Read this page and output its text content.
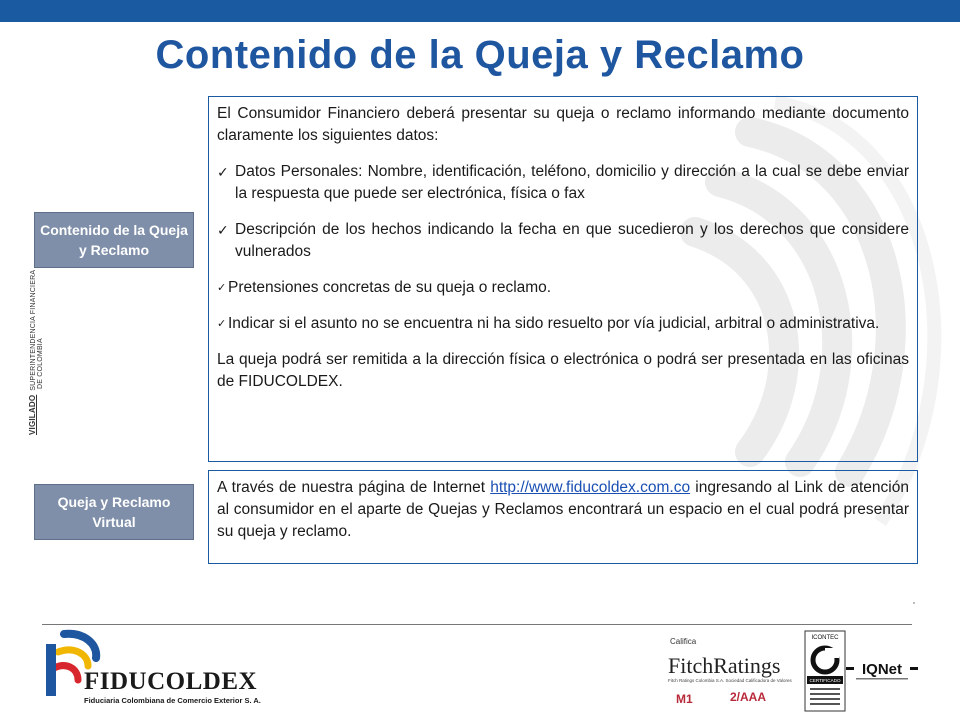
Contenido de la Queja y Reclamo
VIGILADOSUPERINTENDENCIA FINANCIERA DE COLOMBIA
Contenido de la Queja y Reclamo
Queja y Reclamo Virtual

El Consumidor Financiero deberá presentar su queja o reclamo informando mediante documento claramente los siguientes datos:

✓ Datos Personales: Nombre, identificación, teléfono, domicilio y dirección a la cual se debe enviar la respuesta que puede ser electrónica, física o fax
✓ Descripción de los hechos indicando la fecha en que sucedieron y los derechos que considere vulnerados
✓ Pretensiones concretas de su queja o reclamo.
✓ Indicar si el asunto no se encuentra ni ha sido resuelto por vía judicial, arbitral o administrativa.

La queja podrá ser remitida a la dirección física o electrónica o podrá ser presentada en las oficinas de FIDUCOLDEX.

A través de nuestra página de Internet http://www.fiducoldex.com.co ingresando al Link de atención al consumidor en el aparte de Quejas y Reclamos encontrará un espacio en el cual podrá presentar su queja y reclamo.
FIDUCOLDEX
Fiduciaria Colombiana de Comercio Exterior S. A.
Califica
FitchRatings
Fitch Ratings Colombia S.A. Sociedad Calificadora de Valores
M1	2/AAA
ICONTEC
CERTIFICADO
IQNet
